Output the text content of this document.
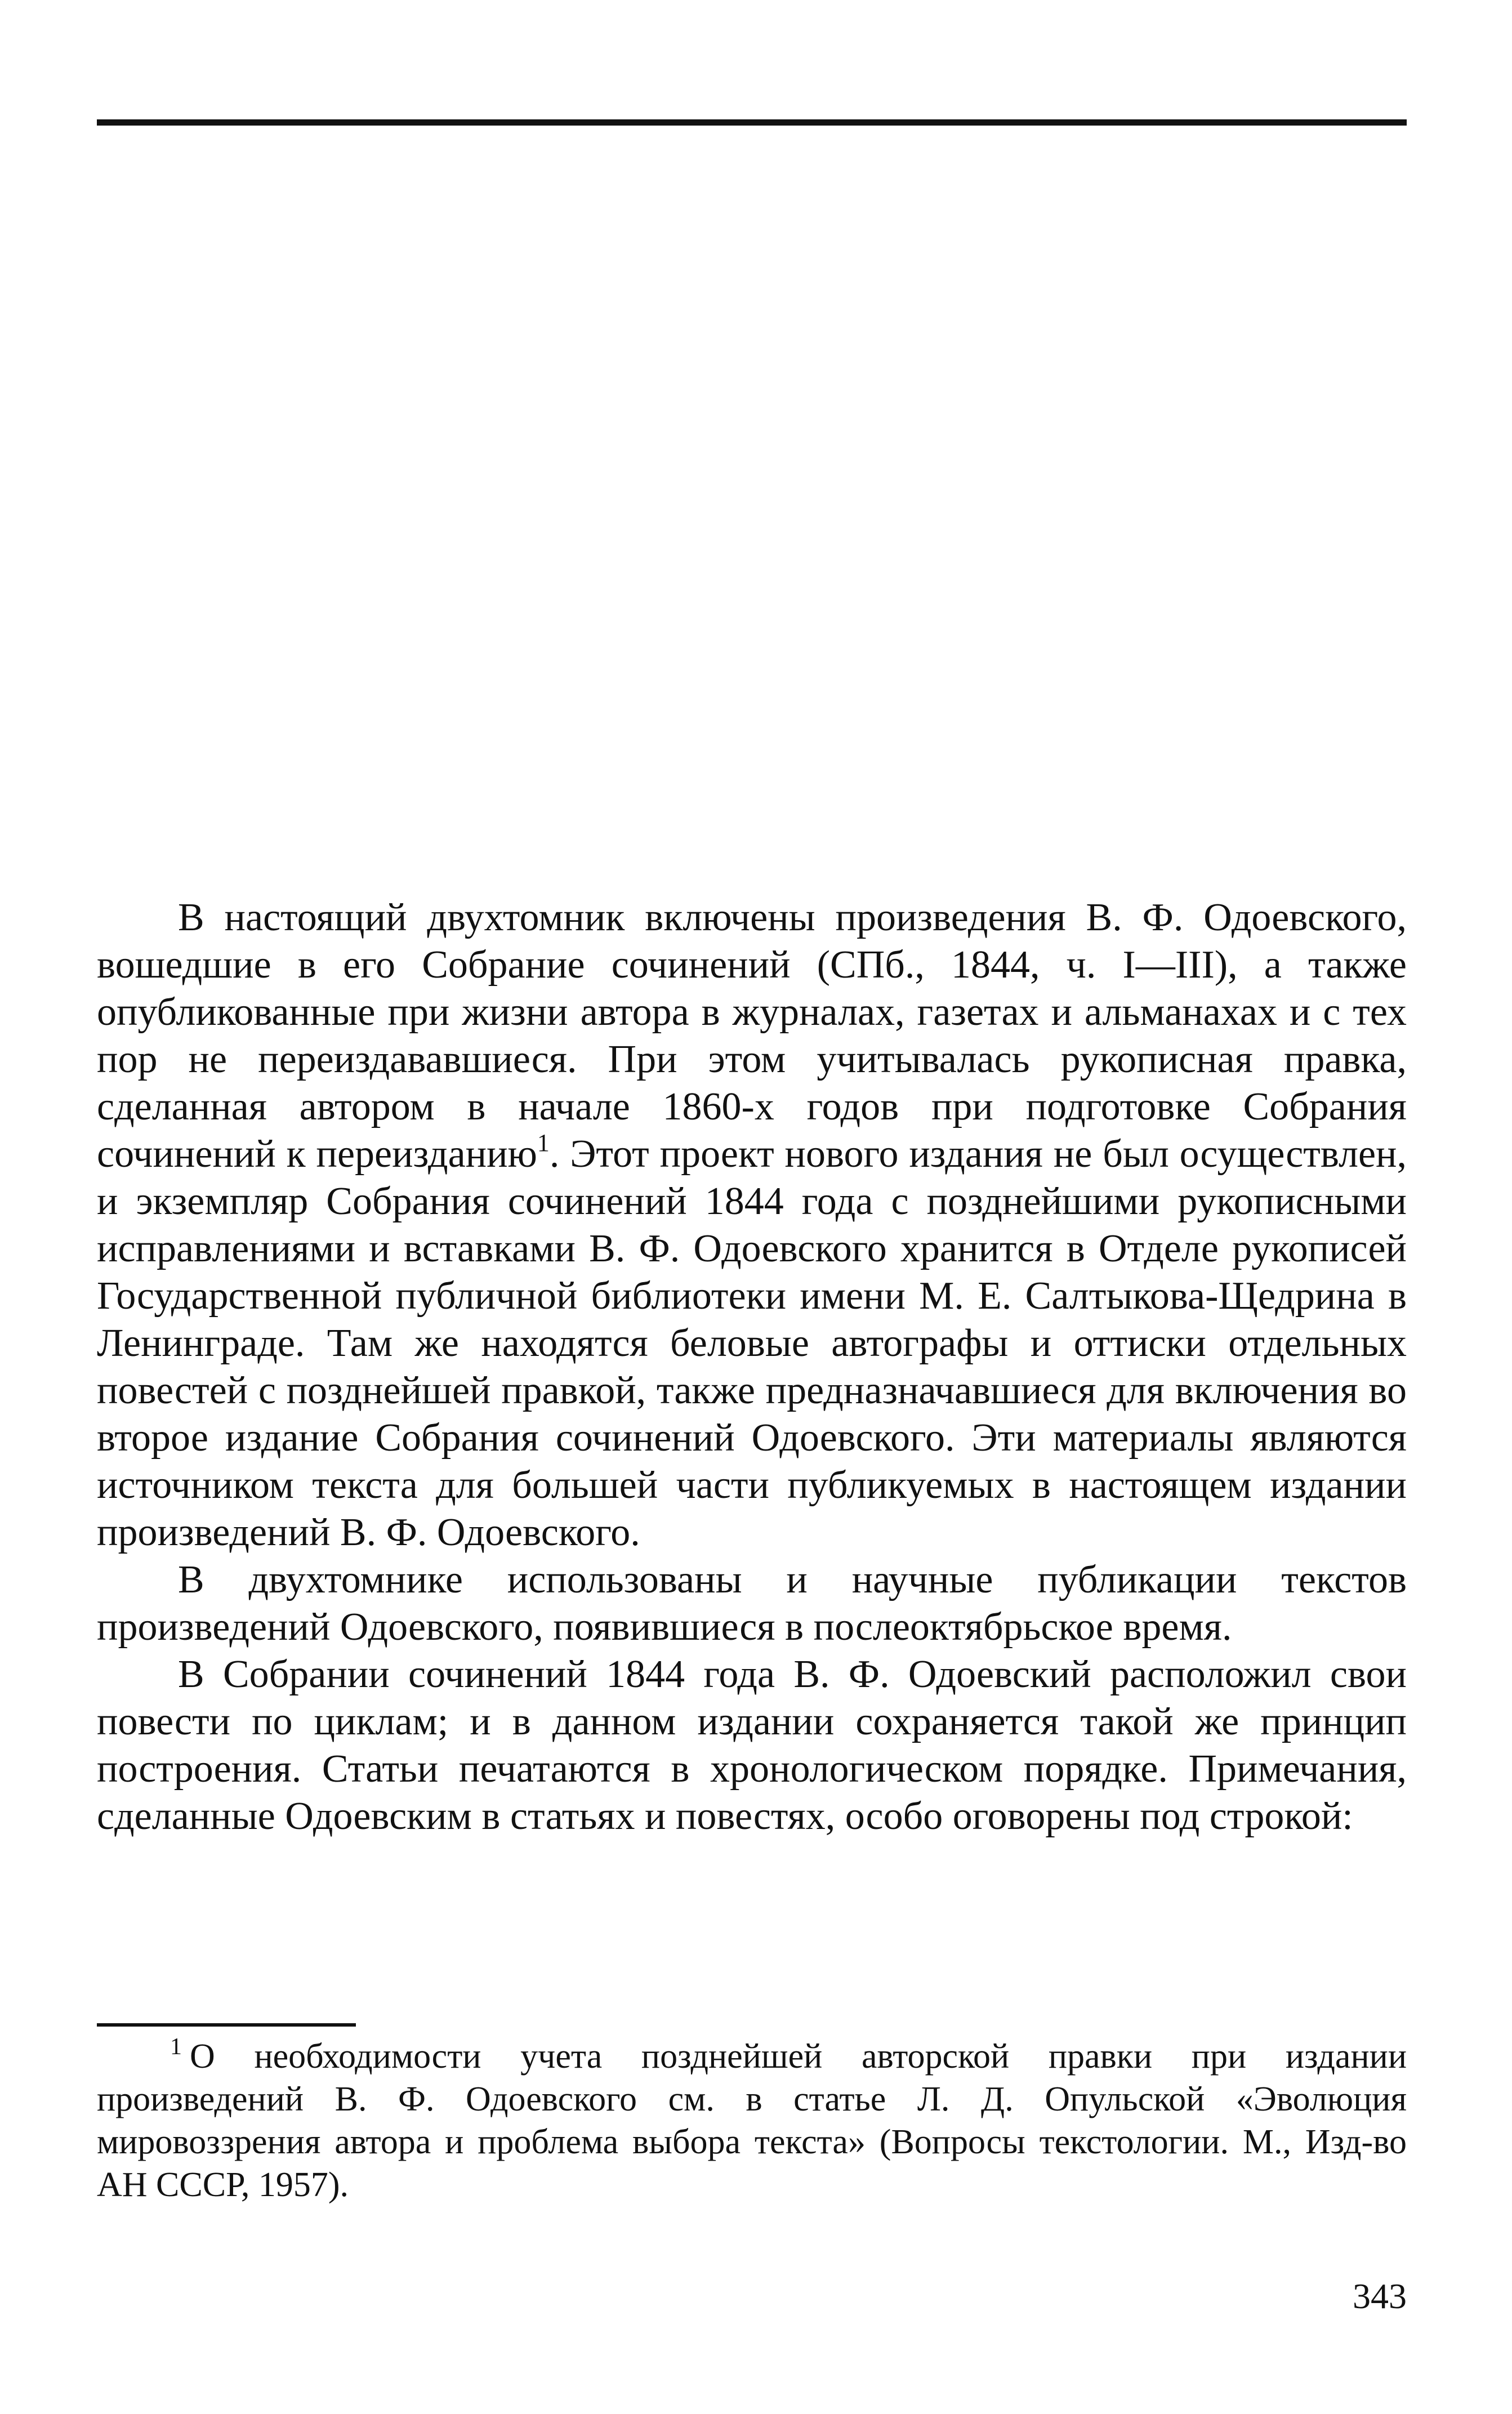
В настоящий двухтомник включены произведения В. Ф. Одоевского, вошедшие в его Собрание сочинений (СПб., 1844, ч. I—III), а также опубликованные при жизни автора в журналах, газетах и альманахах и с тех пор не переиздававшиеся. При этом учитывалась рукописная правка, сделанная автором в начале 1860-х годов при подготовке Собрания сочинений к переизданию$^1$. Этот проект нового издания не был осуществлен, и экземпляр Собрания сочинений 1844 года с позднейшими рукописными исправлениями и вставками В. Ф. Одоевского хранится в Отделе рукописей Государственной публичной библиотеки имени М. Е. Салтыкова-Щедрина в Ленинграде. Там же находятся беловые автографы и оттиски отдельных повестей с позднейшей правкой, также предназначавшиеся для включения во второе издание Собрания сочинений Одоевского. Эти материалы являются источником текста для большей части публикуемых в настоящем издании произведений В. Ф. Одоевского.

В двухтомнике использованы и научные публикации текстов произведений Одоевского, появившиеся в послеоктябрьское время.

В Собрании сочинений 1844 года В. Ф. Одоевский расположил свои повести по циклам; и в данном издании сохраняется такой же принцип построения. Статьи печатаются в хронологическом порядке. Примечания, сделанные Одоевским в статьях и повестях, особо оговорены под строкой:

$^1$ О необходимости учета позднейшей авторской правки при издании произведений В. Ф. Одоевского см. в статье Л. Д. Опульской «Эволюция мировоззрения автора и проблема выбора текста» (Вопросы текстологии. М., Изд-во АН СССР, 1957).
343
